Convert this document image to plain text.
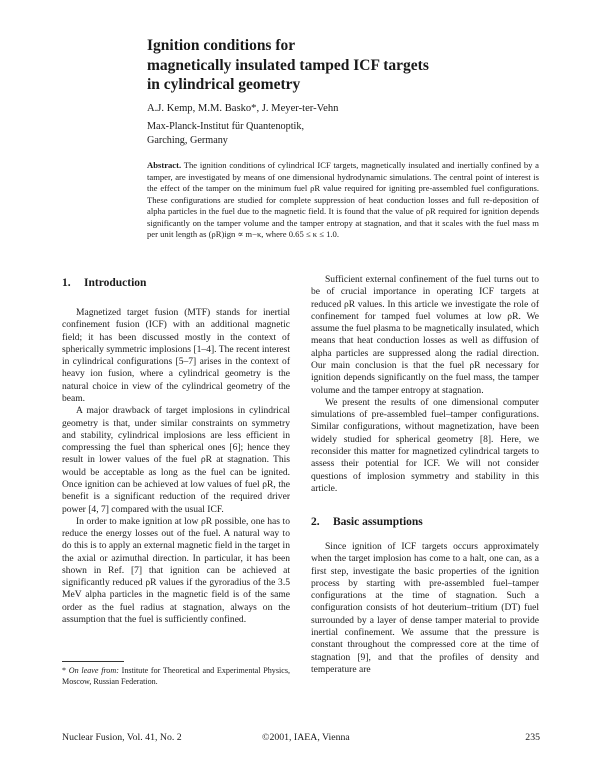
Ignition conditions for
magnetically insulated tamped ICF targets
in cylindrical geometry
A.J. Kemp, M.M. Basko*, J. Meyer-ter-Vehn
Max-Planck-Institut für Quantenoptik,
Garching, Germany

Abstract. The ignition conditions of cylindrical ICF targets, magnetically insulated and inertially confined by a tamper, are investigated by means of one dimensional hydrodynamic simulations. The central point of interest is the effect of the tamper on the minimum fuel ρR value required for igniting pre-assembled fuel configurations. These configurations are studied for complete suppression of heat conduction losses and full re-deposition of alpha particles in the fuel due to the magnetic field. It is found that the value of ρR required for ignition depends significantly on the tamper volume and the tamper entropy at stagnation, and that it scales with the fuel mass m per unit length as (ρR)ign ∝ m−κ, where 0.65 ≤ κ ≤ 1.0.

1. Introduction

Magnetized target fusion (MTF) stands for inertial confinement fusion (ICF) with an additional magnetic field; it has been discussed mostly in the context of spherically symmetric implosions [1–4]. The recent interest in cylindrical configurations [5–7] arises in the context of heavy ion fusion, where a cylindrical geometry is the natural choice in view of the cylindrical geometry of the beam.

A major drawback of target implosions in cylindrical geometry is that, under similar constraints on symmetry and stability, cylindrical implosions are less efficient in compressing the fuel than spherical ones [6]; hence they result in lower values of the fuel ρR at stagnation. This would be acceptable as long as the fuel can be ignited. Once ignition can be achieved at low values of fuel ρR, the benefit is a significant reduction of the required driver power [4, 7] compared with the usual ICF.

In order to make ignition at low ρR possible, one has to reduce the energy losses out of the fuel. A natural way to do this is to apply an external magnetic field in the target in the axial or azimuthal direction. In particular, it has been shown in Ref. [7] that ignition can be achieved at significantly reduced ρR values if the gyroradius of the 3.5 MeV alpha particles in the magnetic field is of the same order as the fuel radius at stagnation, always on the assumption that the fuel is sufficiently confined.

Sufficient external confinement of the fuel turns out to be of crucial importance in operating ICF targets at reduced ρR values. In this article we investigate the role of confinement for tamped fuel volumes at low ρR. We assume the fuel plasma to be magnetically insulated, which means that heat conduction losses as well as diffusion of alpha particles are suppressed along the radial direction. Our main conclusion is that the fuel ρR necessary for ignition depends significantly on the fuel mass, the tamper volume and the tamper entropy at stagnation.

We present the results of one dimensional computer simulations of pre-assembled fuel–tamper configurations. Similar configurations, without magnetization, have been widely studied for spherical geometry [8]. Here, we reconsider this matter for magnetized cylindrical targets to assess their potential for ICF. We will not consider questions of implosion symmetry and stability in this article.

2. Basic assumptions

Since ignition of ICF targets occurs approximately when the target implosion has come to a halt, one can, as a first step, investigate the basic properties of the ignition process by starting with pre-assembled fuel–tamper configurations at the time of stagnation. Such a configuration consists of hot deuterium–tritium (DT) fuel surrounded by a layer of dense tamper material to provide inertial confinement. We assume that the pressure is constant throughout the compressed core at the time of stagnation [9], and that the profiles of density and temperature are

* On leave from: Institute for Theoretical and Experimental Physics, Moscow, Russian Federation.
Nuclear Fusion, Vol. 41, No. 2	©2001, IAEA, Vienna	235
